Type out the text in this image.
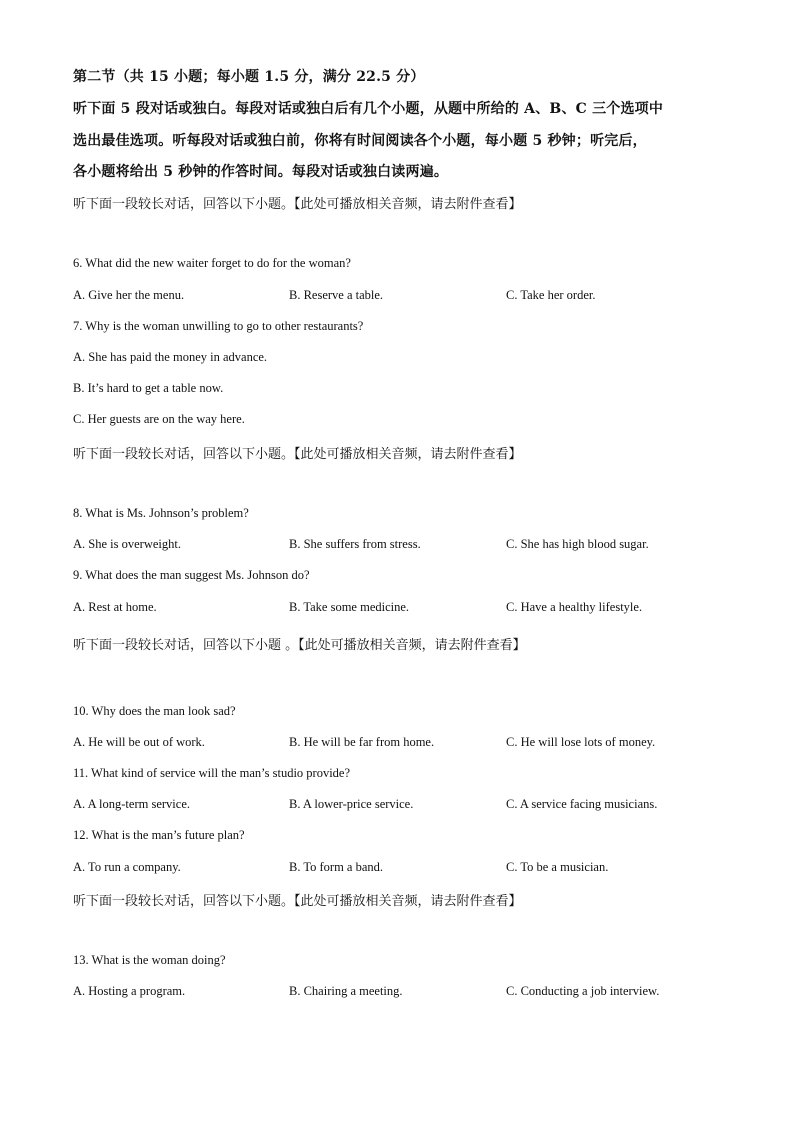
第二节（共 15 小题；每小题 1.5 分，满分 22.5 分）
听下面 5 段对话或独白。每段对话或独白后有几个小题，从题中所给的 A、B、C 三个选项中
选出最佳选项。听每段对话或独白前，你将有时间阅读各个小题，每小题 5 秒钟；听完后，
各小题将给出 5 秒钟的作答时间。每段对话或独白读两遍。
听下面一段较长对话，回答以下小题。【此处可播放相关音频，请去附件查看】
6. What did the new waiter forget to do for the woman?
A. Give her the menu.	B. Reserve a table.	C. Take her order.
7. Why is the woman unwilling to go to other restaurants?
A. She has paid the money in advance.
B. It’s hard to get a table now.
C. Her guests are on the way here.
听下面一段较长对话，回答以下小题。【此处可播放相关音频，请去附件查看】
8. What is Ms. Johnson’s problem?
A. She is overweight.	B. She suffers from stress.	C. She has high blood sugar.
9. What does the man suggest Ms. Johnson do?
A. Rest at home.	B. Take some medicine.	C. Have a healthy lifestyle.
听下面一段较长对话，回答以下小题 。【此处可播放相关音频，请去附件查看】
10. Why does the man look sad?
A. He will be out of work.	B. He will be far from home.	C. He will lose lots of money.
11. What kind of service will the man’s studio provide?
A. A long-term service.	B. A lower-price service.	C. A service facing musicians.
12. What is the man’s future plan?
A. To run a company.	B. To form a band.	C. To be a musician.
听下面一段较长对话，回答以下小题。【此处可播放相关音频，请去附件查看】
13. What is the woman doing?
A. Hosting a program.	B. Chairing a meeting.	C. Conducting a job interview.
